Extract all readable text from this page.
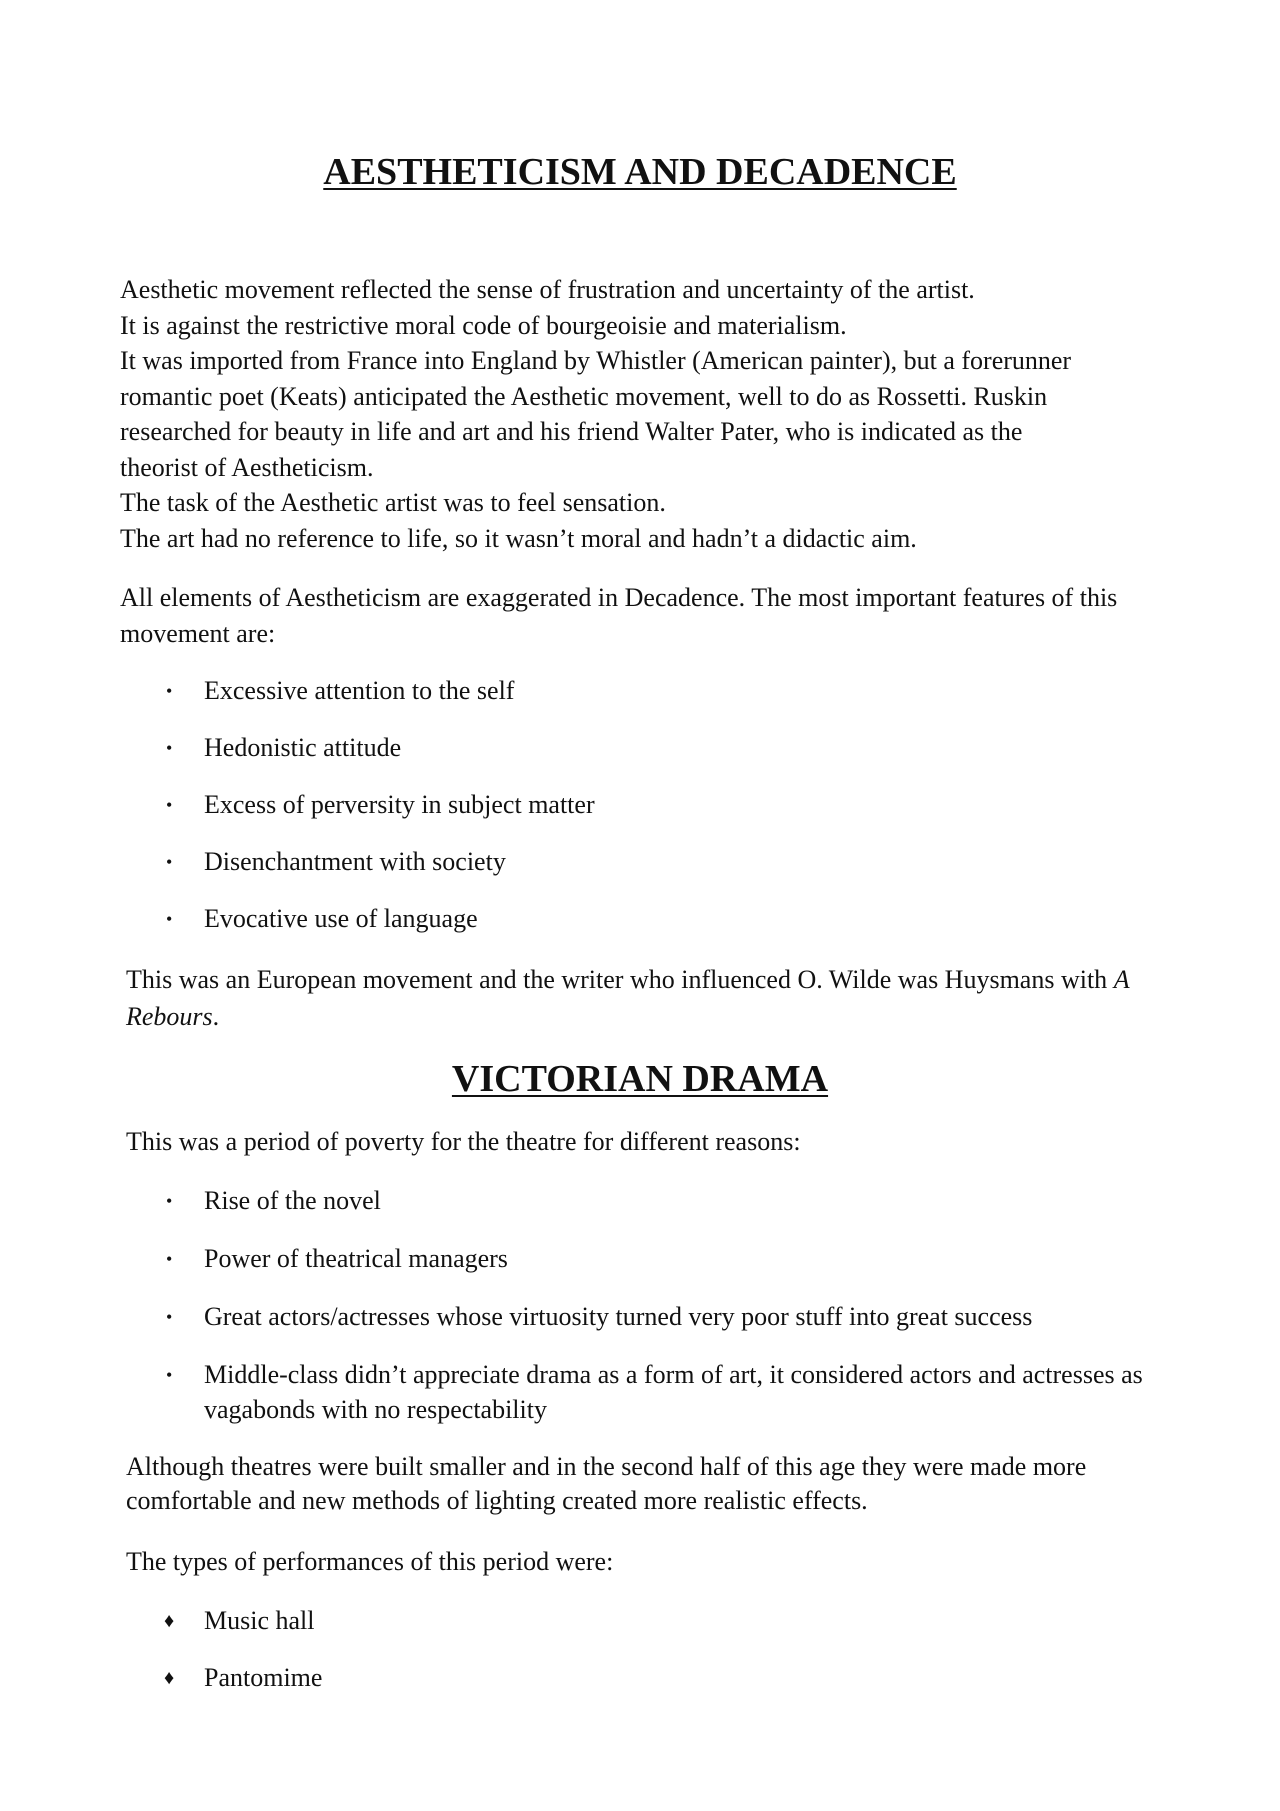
AESTHETICISM AND DECADENCE

Aesthetic movement reflected the sense of frustration and uncertainty of the artist.
It is against the restrictive moral code of bourgeoisie and materialism.
It was imported from France into England by Whistler (American painter), but a forerunner
romantic poet (Keats) anticipated the Aesthetic movement, well to do as Rossetti. Ruskin
researched for beauty in life and art and his friend Walter Pater, who is indicated as the
theorist of Aestheticism.
The task of the Aesthetic artist was to feel sensation.
The art had no reference to life, so it wasn’t moral and hadn’t a didactic aim.

All elements of Aestheticism are exaggerated in Decadence. The most important features of this movement are:

• Excessive attention to the self
• Hedonistic attitude
• Excess of perversity in subject matter
• Disenchantment with society
• Evocative use of language

This was an European movement and the writer who influenced O. Wilde was Huysmans with A Rebours.

VICTORIAN DRAMA

This was a period of poverty for the theatre for different reasons:

• Rise of the novel
• Power of theatrical managers
• Great actors/actresses whose virtuosity turned very poor stuff into great success
• Middle-class didn’t appreciate drama as a form of art, it considered actors and actresses as vagabonds with no respectability

Although theatres were built smaller and in the second half of this age they were made more comfortable and new methods of lighting created more realistic effects.

The types of performances of this period were:

♦ Music hall
♦ Pantomime
